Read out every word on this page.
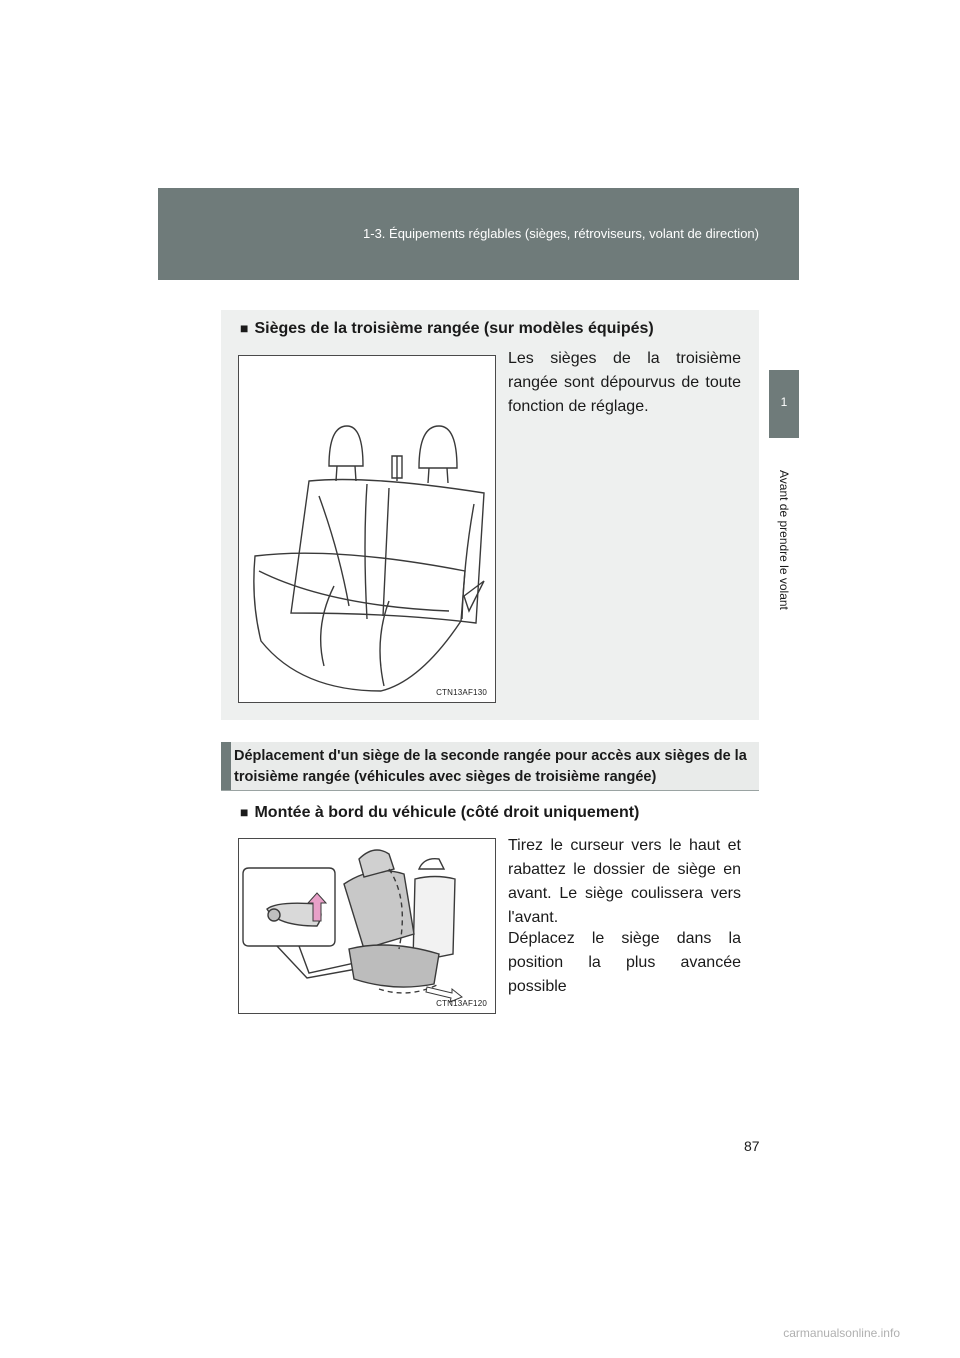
1-3. Équipements réglables (sièges, rétroviseurs, volant de direction)
1
Avant de prendre le volant
■ Sièges de la troisième rangée (sur modèles équipés)
CTN13AF130
Les sièges de la troisième rangée sont dépourvus de toute fonction de réglage.
Déplacement d'un siège de la seconde rangée pour accès aux sièges de la troisième rangée (véhicules avec sièges de troisième rangée)
■ Montée à bord du véhicule (côté droit uniquement)
CTN13AF120
Tirez le curseur vers le haut et rabattez le dossier de siège en avant. Le siège coulissera vers l'avant.
Déplacez le siège dans la position la plus avancée possible
87
carmanualsonline.info
